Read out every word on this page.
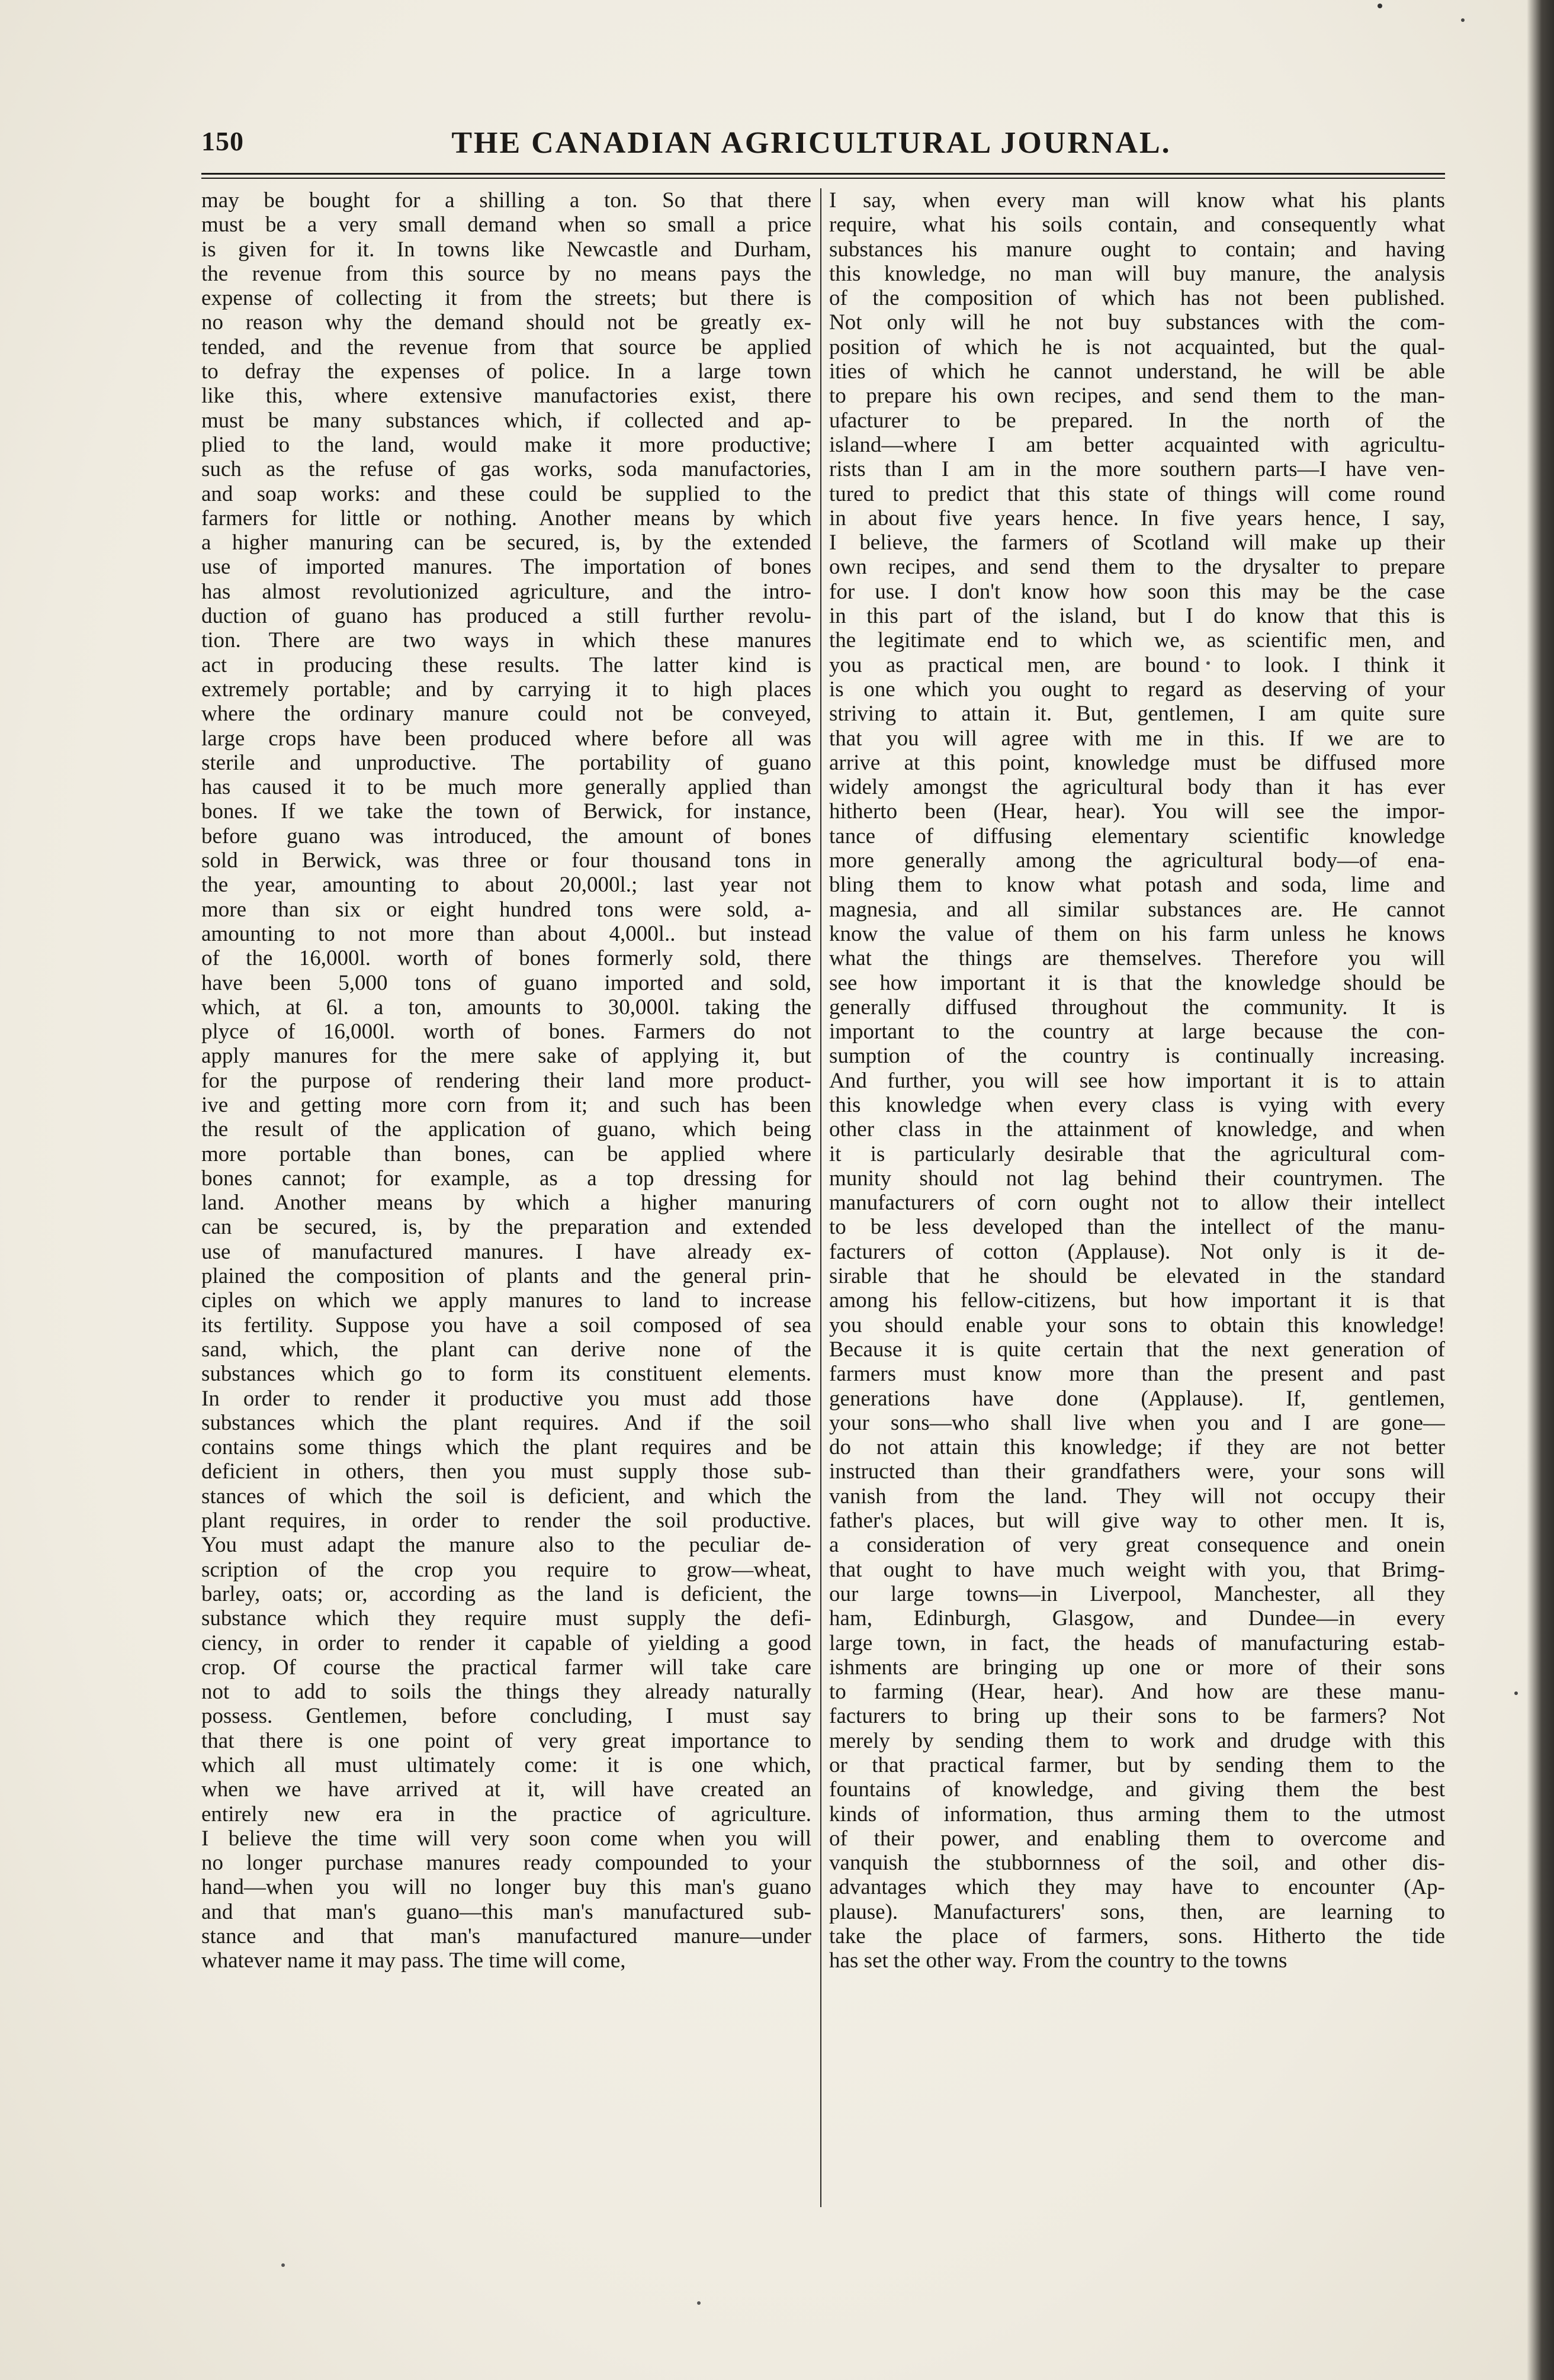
150	THE CANADIAN AGRICULTURAL JOURNAL.
may be bought for a shilling a ton. So that there
must be a very small demand when so small a price
is given for it. In towns like Newcastle and Durham,
the revenue from this source by no means pays the
expense of collecting it from the streets; but there is
no reason why the demand should not be greatly ex-
tended, and the revenue from that source be applied
to defray the expenses of police. In a large town
like this, where extensive manufactories exist, there
must be many substances which, if collected and ap-
plied to the land, would make it more productive;
such as the refuse of gas works, soda manufactories,
and soap works: and these could be supplied to the
farmers for little or nothing. Another means by which
a higher manuring can be secured, is, by the extended
use of imported manures. The importation of bones
has almost revolutionized agriculture, and the intro-
duction of guano has produced a still further revolu-
tion. There are two ways in which these manures
act in producing these results. The latter kind is
extremely portable; and by carrying it to high places
where the ordinary manure could not be conveyed,
large crops have been produced where before all was
sterile and unproductive. The portability of guano
has caused it to be much more generally applied than
bones. If we take the town of Berwick, for instance,
before guano was introduced, the amount of bones
sold in Berwick, was three or four thousand tons in
the year, amounting to about 20,000l.; last year not
more than six or eight hundred tons were sold, a-
amounting to not more than about 4,000l.. but instead
of the 16,000l. worth of bones formerly sold, there
have been 5,000 tons of guano imported and sold,
which, at 6l. a ton, amounts to 30,000l. taking the
plyce of 16,000l. worth of bones. Farmers do not
apply manures for the mere sake of applying it, but
for the purpose of rendering their land more product-
ive and getting more corn from it; and such has been
the result of the application of guano, which being
more portable than bones, can be applied where
bones cannot; for example, as a top dressing for
land. Another means by which a higher manuring
can be secured, is, by the preparation and extended
use of manufactured manures. I have already ex-
plained the composition of plants and the general prin-
ciples on which we apply manures to land to increase
its fertility. Suppose you have a soil composed of sea
sand, which, the plant can derive none of the
substances which go to form its constituent elements.
In order to render it productive you must add those
substances which the plant requires. And if the soil
contains some things which the plant requires and be
deficient in others, then you must supply those sub-
stances of which the soil is deficient, and which the
plant requires, in order to render the soil productive.
You must adapt the manure also to the peculiar de-
scription of the crop you require to grow—wheat,
barley, oats; or, according as the land is deficient, the
substance which they require must supply the defi-
ciency, in order to render it capable of yielding a good
crop. Of course the practical farmer will take care
not to add to soils the things they already naturally
possess. Gentlemen, before concluding, I must say
that there is one point of very great importance to
which all must ultimately come: it is one which,
when we have arrived at it, will have created an
entirely new era in the practice of agriculture.
I believe the time will very soon come when you will
no longer purchase manures ready compounded to your
hand—when you will no longer buy this man's guano
and that man's guano—this man's manufactured sub-
stance and that man's manufactured manure—under
whatever name it may pass. The time will come,
I say, when every man will know what his plants
require, what his soils contain, and consequently what
substances his manure ought to contain; and having
this knowledge, no man will buy manure, the analysis
of the composition of which has not been published.
Not only will he not buy substances with the com-
position of which he is not acquainted, but the qual-
ities of which he cannot understand, he will be able
to prepare his own recipes, and send them to the man-
ufacturer to be prepared. In the north of the
island—where I am better acquainted with agricultu-
rists than I am in the more southern parts—I have ven-
tured to predict that this state of things will come round
in about five years hence. In five years hence, I say,
I believe, the farmers of Scotland will make up their
own recipes, and send them to the drysalter to prepare
for use. I don't know how soon this may be the case
in this part of the island, but I do know that this is
the legitimate end to which we, as scientific men, and
you as practical men, are bound to look. I think it
is one which you ought to regard as deserving of your
striving to attain it. But, gentlemen, I am quite sure
that you will agree with me in this. If we are to
arrive at this point, knowledge must be diffused more
widely amongst the agricultural body than it has ever
hitherto been (Hear, hear). You will see the impor-
tance of diffusing elementary scientific knowledge
more generally among the agricultural body—of ena-
bling them to know what potash and soda, lime and
magnesia, and all similar substances are. He cannot
know the value of them on his farm unless he knows
what the things are themselves. Therefore you will
see how important it is that the knowledge should be
generally diffused throughout the community. It is
important to the country at large because the con-
sumption of the country is continually increasing.
And further, you will see how important it is to attain
this knowledge when every class is vying with every
other class in the attainment of knowledge, and when
it is particularly desirable that the agricultural com-
munity should not lag behind their countrymen. The
manufacturers of corn ought not to allow their intellect
to be less developed than the intellect of the manu-
facturers of cotton (Applause). Not only is it de-
sirable that he should be elevated in the standard
among his fellow-citizens, but how important it is that
you should enable your sons to obtain this knowledge!
Because it is quite certain that the next generation of
farmers must know more than the present and past
generations have done (Applause). If, gentlemen,
your sons—who shall live when you and I are gone—
do not attain this knowledge; if they are not better
instructed than their grandfathers were, your sons will
vanish from the land. They will not occupy their
father's places, but will give way to other men. It is,
a consideration of very great consequence and onein
that ought to have much weight with you, that Brimg-
our large towns—in Liverpool, Manchester, all they
ham, Edinburgh, Glasgow, and Dundee—in every
large town, in fact, the heads of manufacturing estab-
ishments are bringing up one or more of their sons
to farming (Hear, hear). And how are these manu-
facturers to bring up their sons to be farmers? Not
merely by sending them to work and drudge with this
or that practical farmer, but by sending them to the
fountains of knowledge, and giving them the best
kinds of information, thus arming them to the utmost
of their power, and enabling them to overcome and
vanquish the stubbornness of the soil, and other dis-
advantages which they may have to encounter (Ap-
plause). Manufacturers' sons, then, are learning to
take the place of farmers, sons. Hitherto the tide
has set the other way. From the country to the towns
